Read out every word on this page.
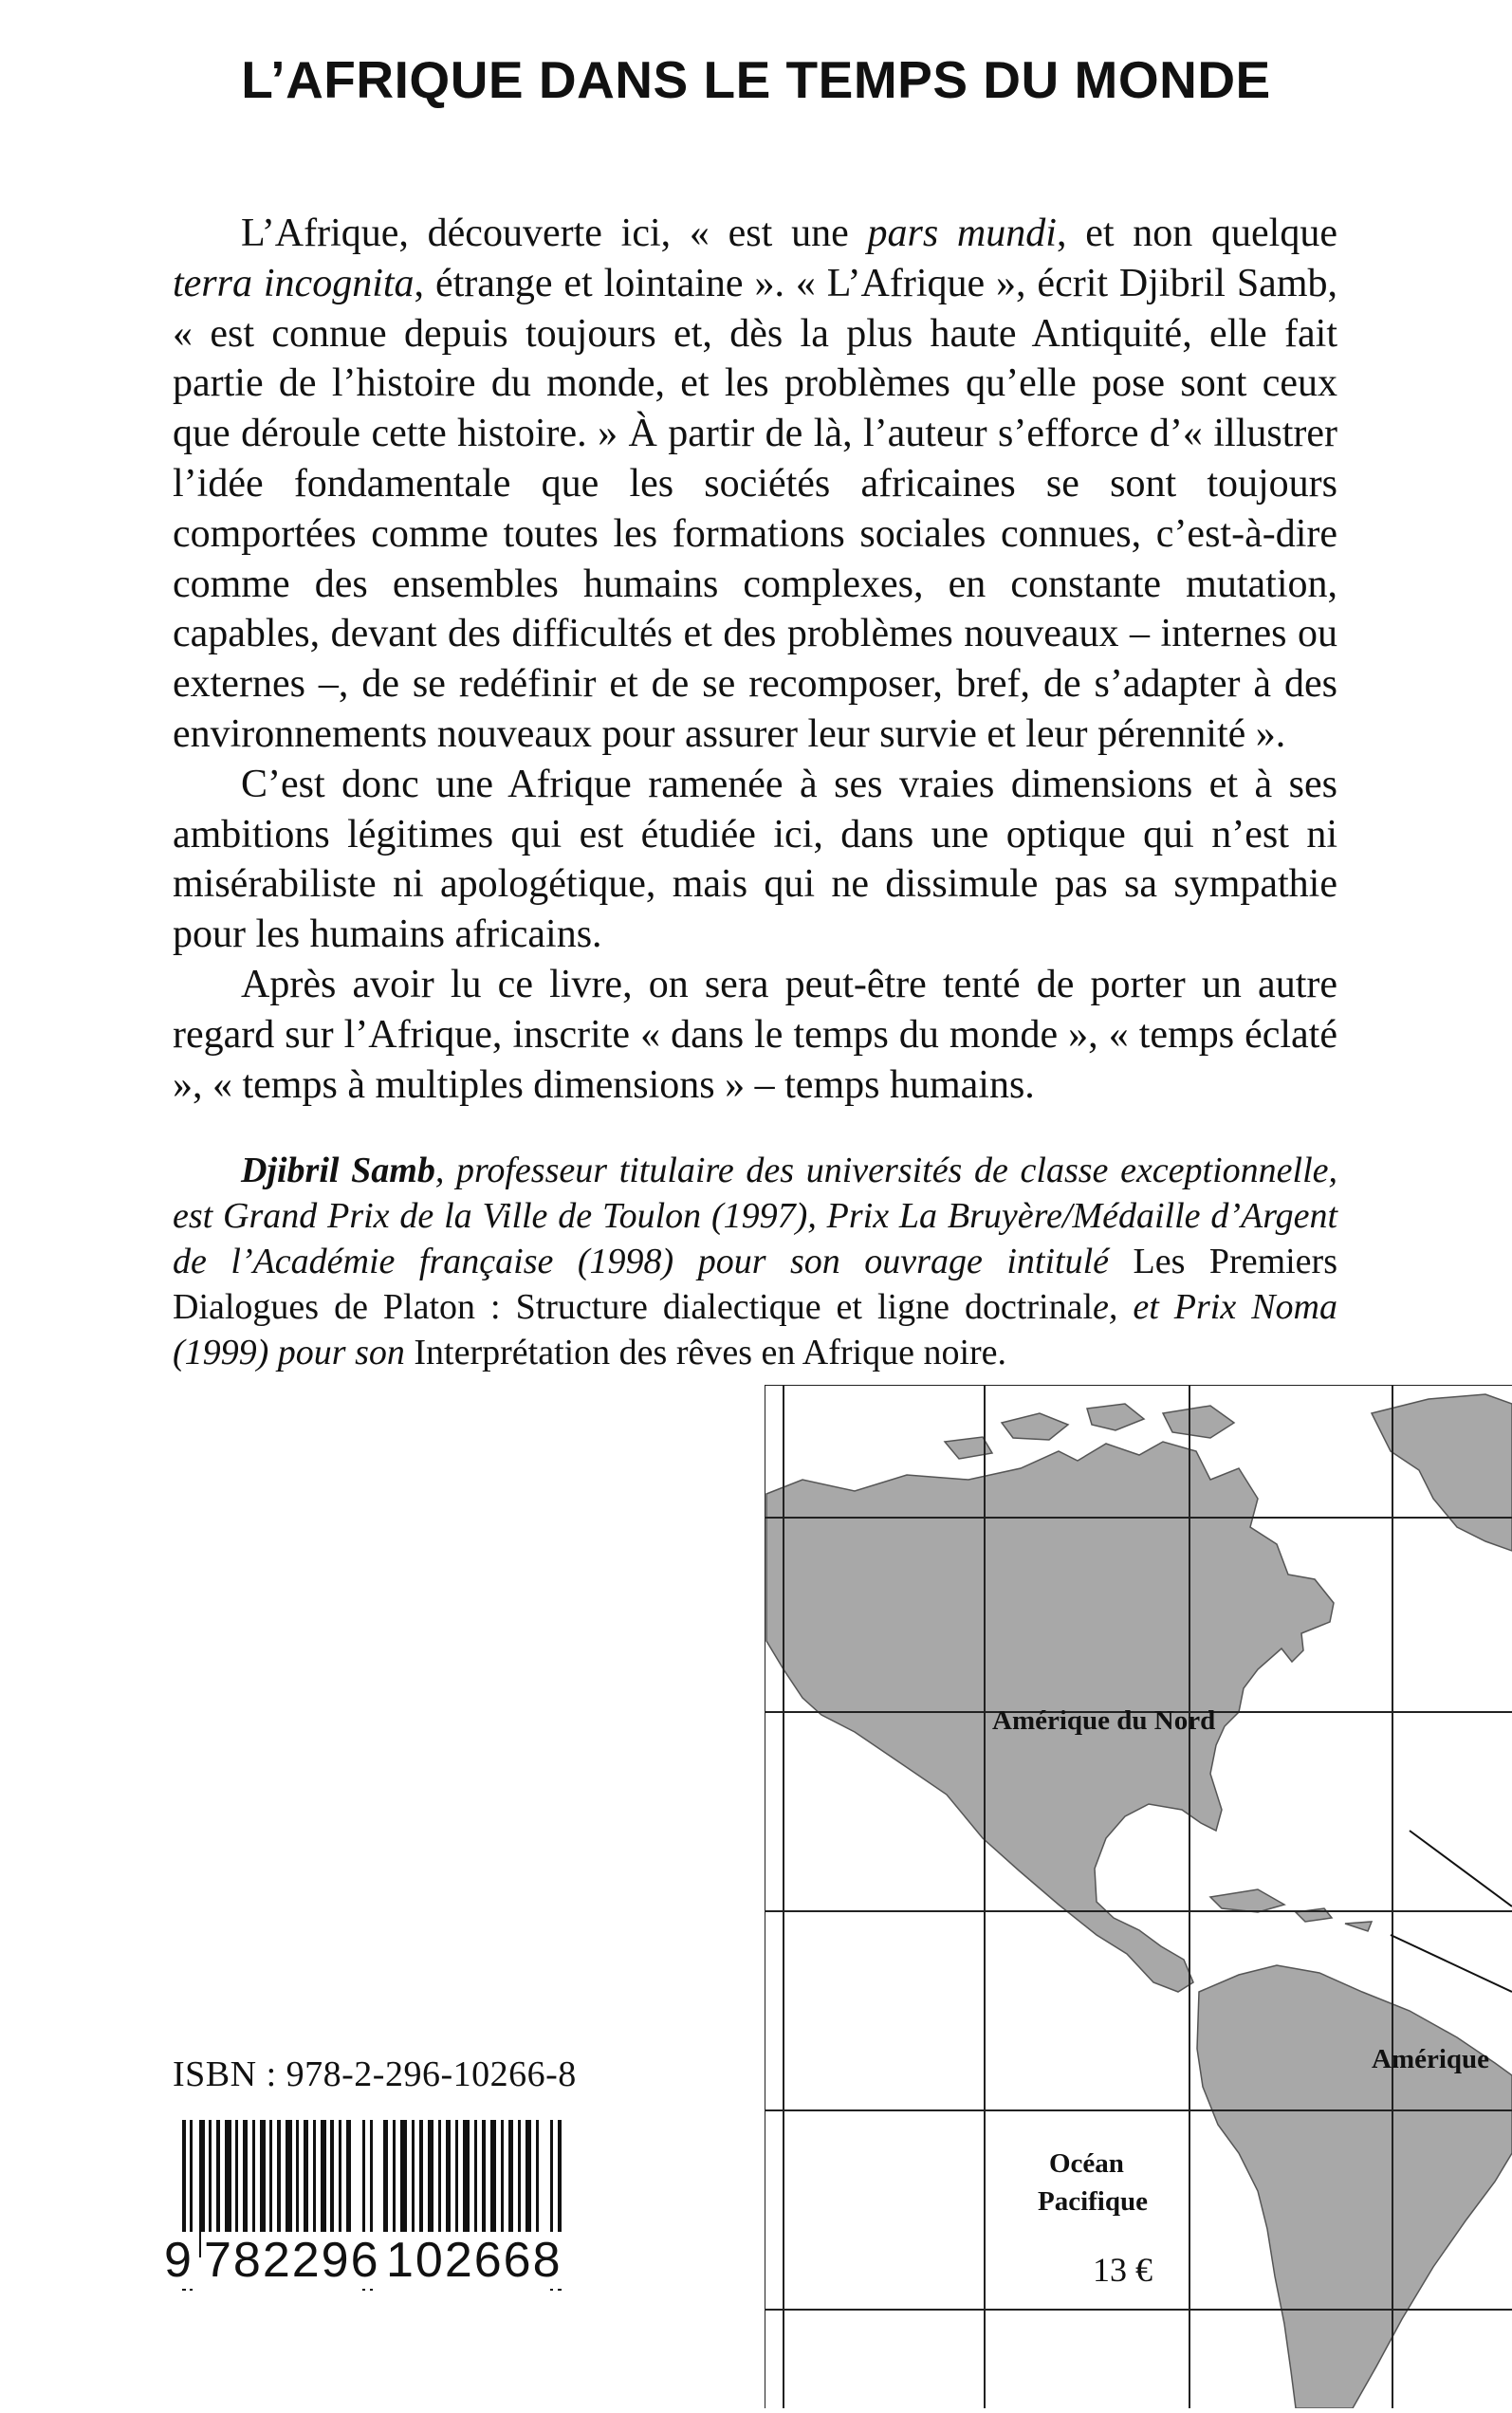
L’AFRIQUE DANS LE TEMPS DU MONDE

L’Afrique, découverte ici, « est une pars mundi, et non quelque terra incognita, étrange et lointaine ». « L’Afrique », écrit Djibril Samb, « est connue depuis toujours et, dès la plus haute Antiquité, elle fait partie de l’histoire du monde, et les problèmes qu’elle pose sont ceux que déroule cette histoire. » À partir de là, l’auteur s’efforce d’« illustrer l’idée fondamentale que les sociétés africaines se sont toujours comportées comme toutes les formations sociales connues, c’est-à-dire comme des ensembles humains complexes, en constante mutation, capables, devant des difficultés et des problèmes nouveaux – internes ou externes –, de se redéfinir et de se recomposer, bref, de s’adapter à des environnements nouveaux pour assurer leur survie et leur pérennité ».

C’est donc une Afrique ramenée à ses vraies dimensions et à ses ambitions légitimes qui est étudiée ici, dans une optique qui n’est ni misérabiliste ni apologétique, mais qui ne dissimule pas sa sympathie pour les humains africains.

Après avoir lu ce livre, on sera peut-être tenté de porter un autre regard sur l’Afrique, inscrite « dans le temps du monde », « temps éclaté », « temps à multiples dimensions » – temps humains.

Djibril Samb, professeur titulaire des universités de classe exceptionnelle, est Grand Prix de la Ville de Toulon (1997), Prix La Bruyère/Médaille d’Argent de l’Académie française (1998) pour son ouvrage intitulé Les Premiers Dialogues de Platon : Structure dialectique et ligne doctrinale, et Prix Noma (1999) pour son Interprétation des rêves en Afrique noire.

Amérique du Nord
Amérique
Océan
Pacifique
ISBN : 978-2-296-10266-8
9 782296 102668	13 €
